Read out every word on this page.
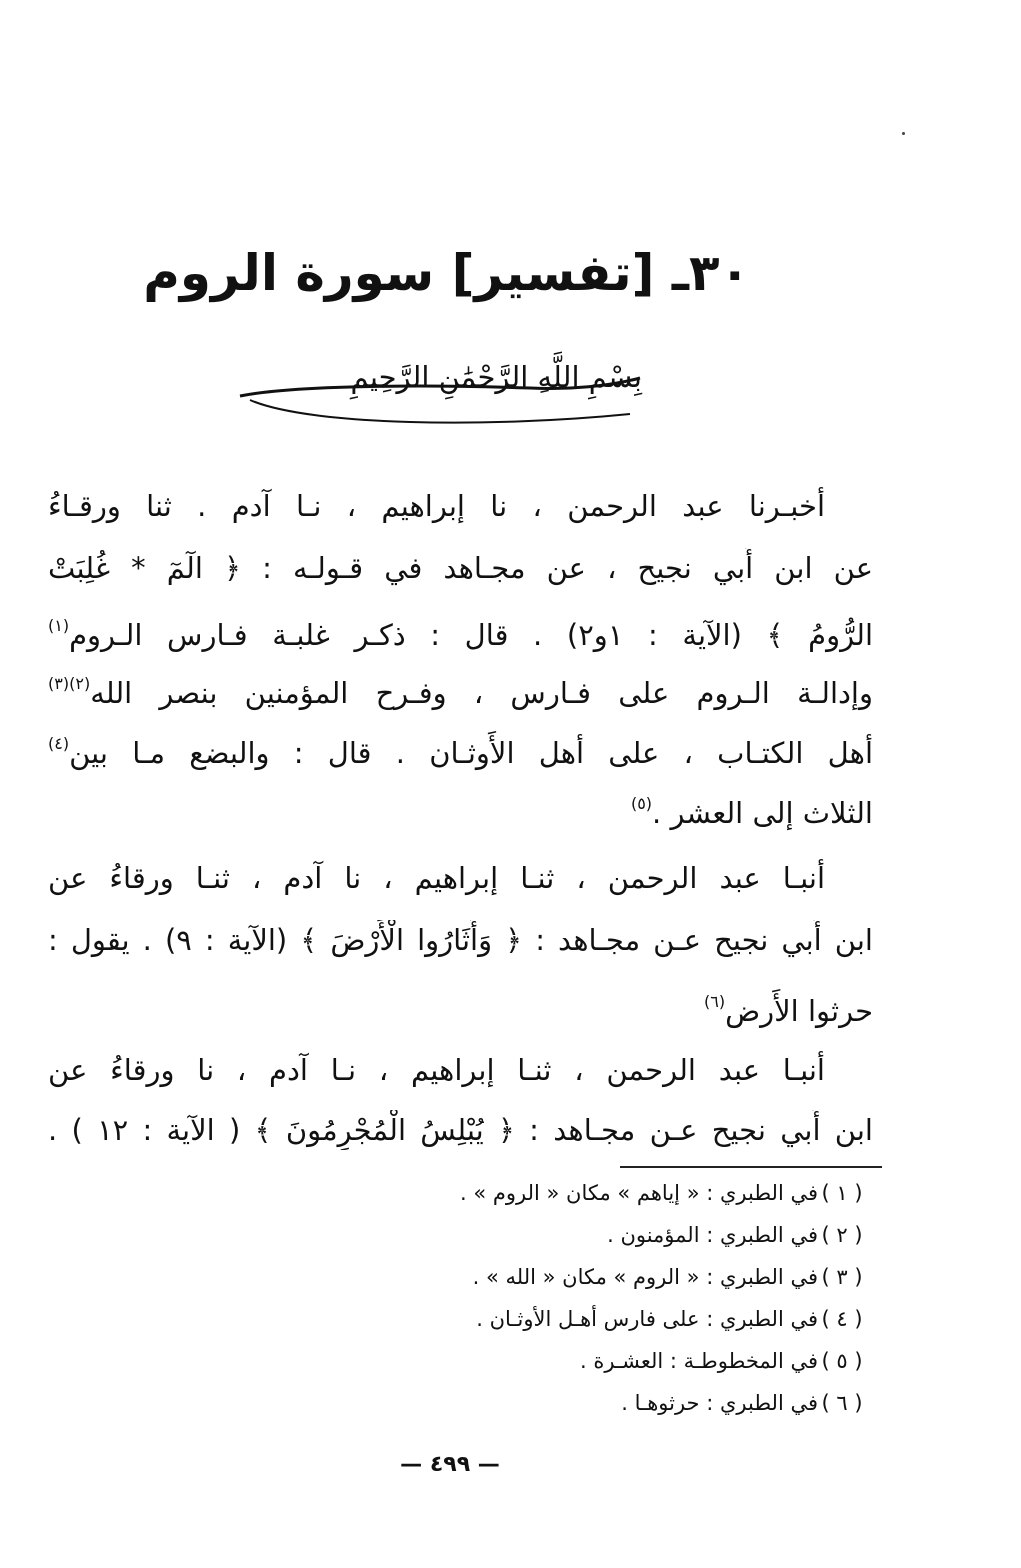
٣٠ـ [تفسير] سورة الروم
بِسْمِ اللَّهِ الرَّحْمَٰنِ الرَّحِيمِ
أخبـرنا عبد الرحمن ، نا إبراهيم ، نـا آدم . ثنا ورقـاءُ
عن ابن أَبي نجيح ، عن مجـاهد في قـولـه : ﴿ الٓمٓ * غُلِبَتْ
الرُّومُ ﴾ (الآية : ١و٢) . قال : ذكـر غلبـة فـارس الـروم$^{(١)}$
وإدالـة الـروم على فـارس ، وفـرح المؤمنين بنصر الله$^{(٢)(٣)}$
أهل الكتـاب ، على أهل الأَوثـان . قال : والبضع مـا بين$^{(٤)}$
الثلاث إلى العشر .$^{(٥)}$
أنبـا عبد الرحمن ، ثنـا إبراهيم ، نا آدم ، ثنـا ورقاءُ عن
ابن أَبي نجيح عـن مجـاهد : ﴿ وَأَثَارُوا الْأَرْضَ ﴾ (الآية : ٩) . يقول :
حرثوا الأَرض$^{(٦)}$
أنبـا عبد الرحمن ، ثنـا إبراهيم ، نـا آدم ، نا ورقاءُ عن
ابن أَبي نجيح عـن مجـاهد : ﴿ يُبْلِسُ الْمُجْرِمُونَ ﴾ ( الآية : ١٢ ) .
( ١ )في الطبري : « إياهم » مكان « الروم » .
( ٢ )في الطبري : المؤمنون .
( ٣ )في الطبري : « الروم » مكان « الله » .
( ٤ )في الطبري : على فارس أهـل الأوثـان .
( ٥ )في المخطوطـة : العشـرة .
( ٦ )في الطبري : حرثوهـا .
— ٤٩٩ —
